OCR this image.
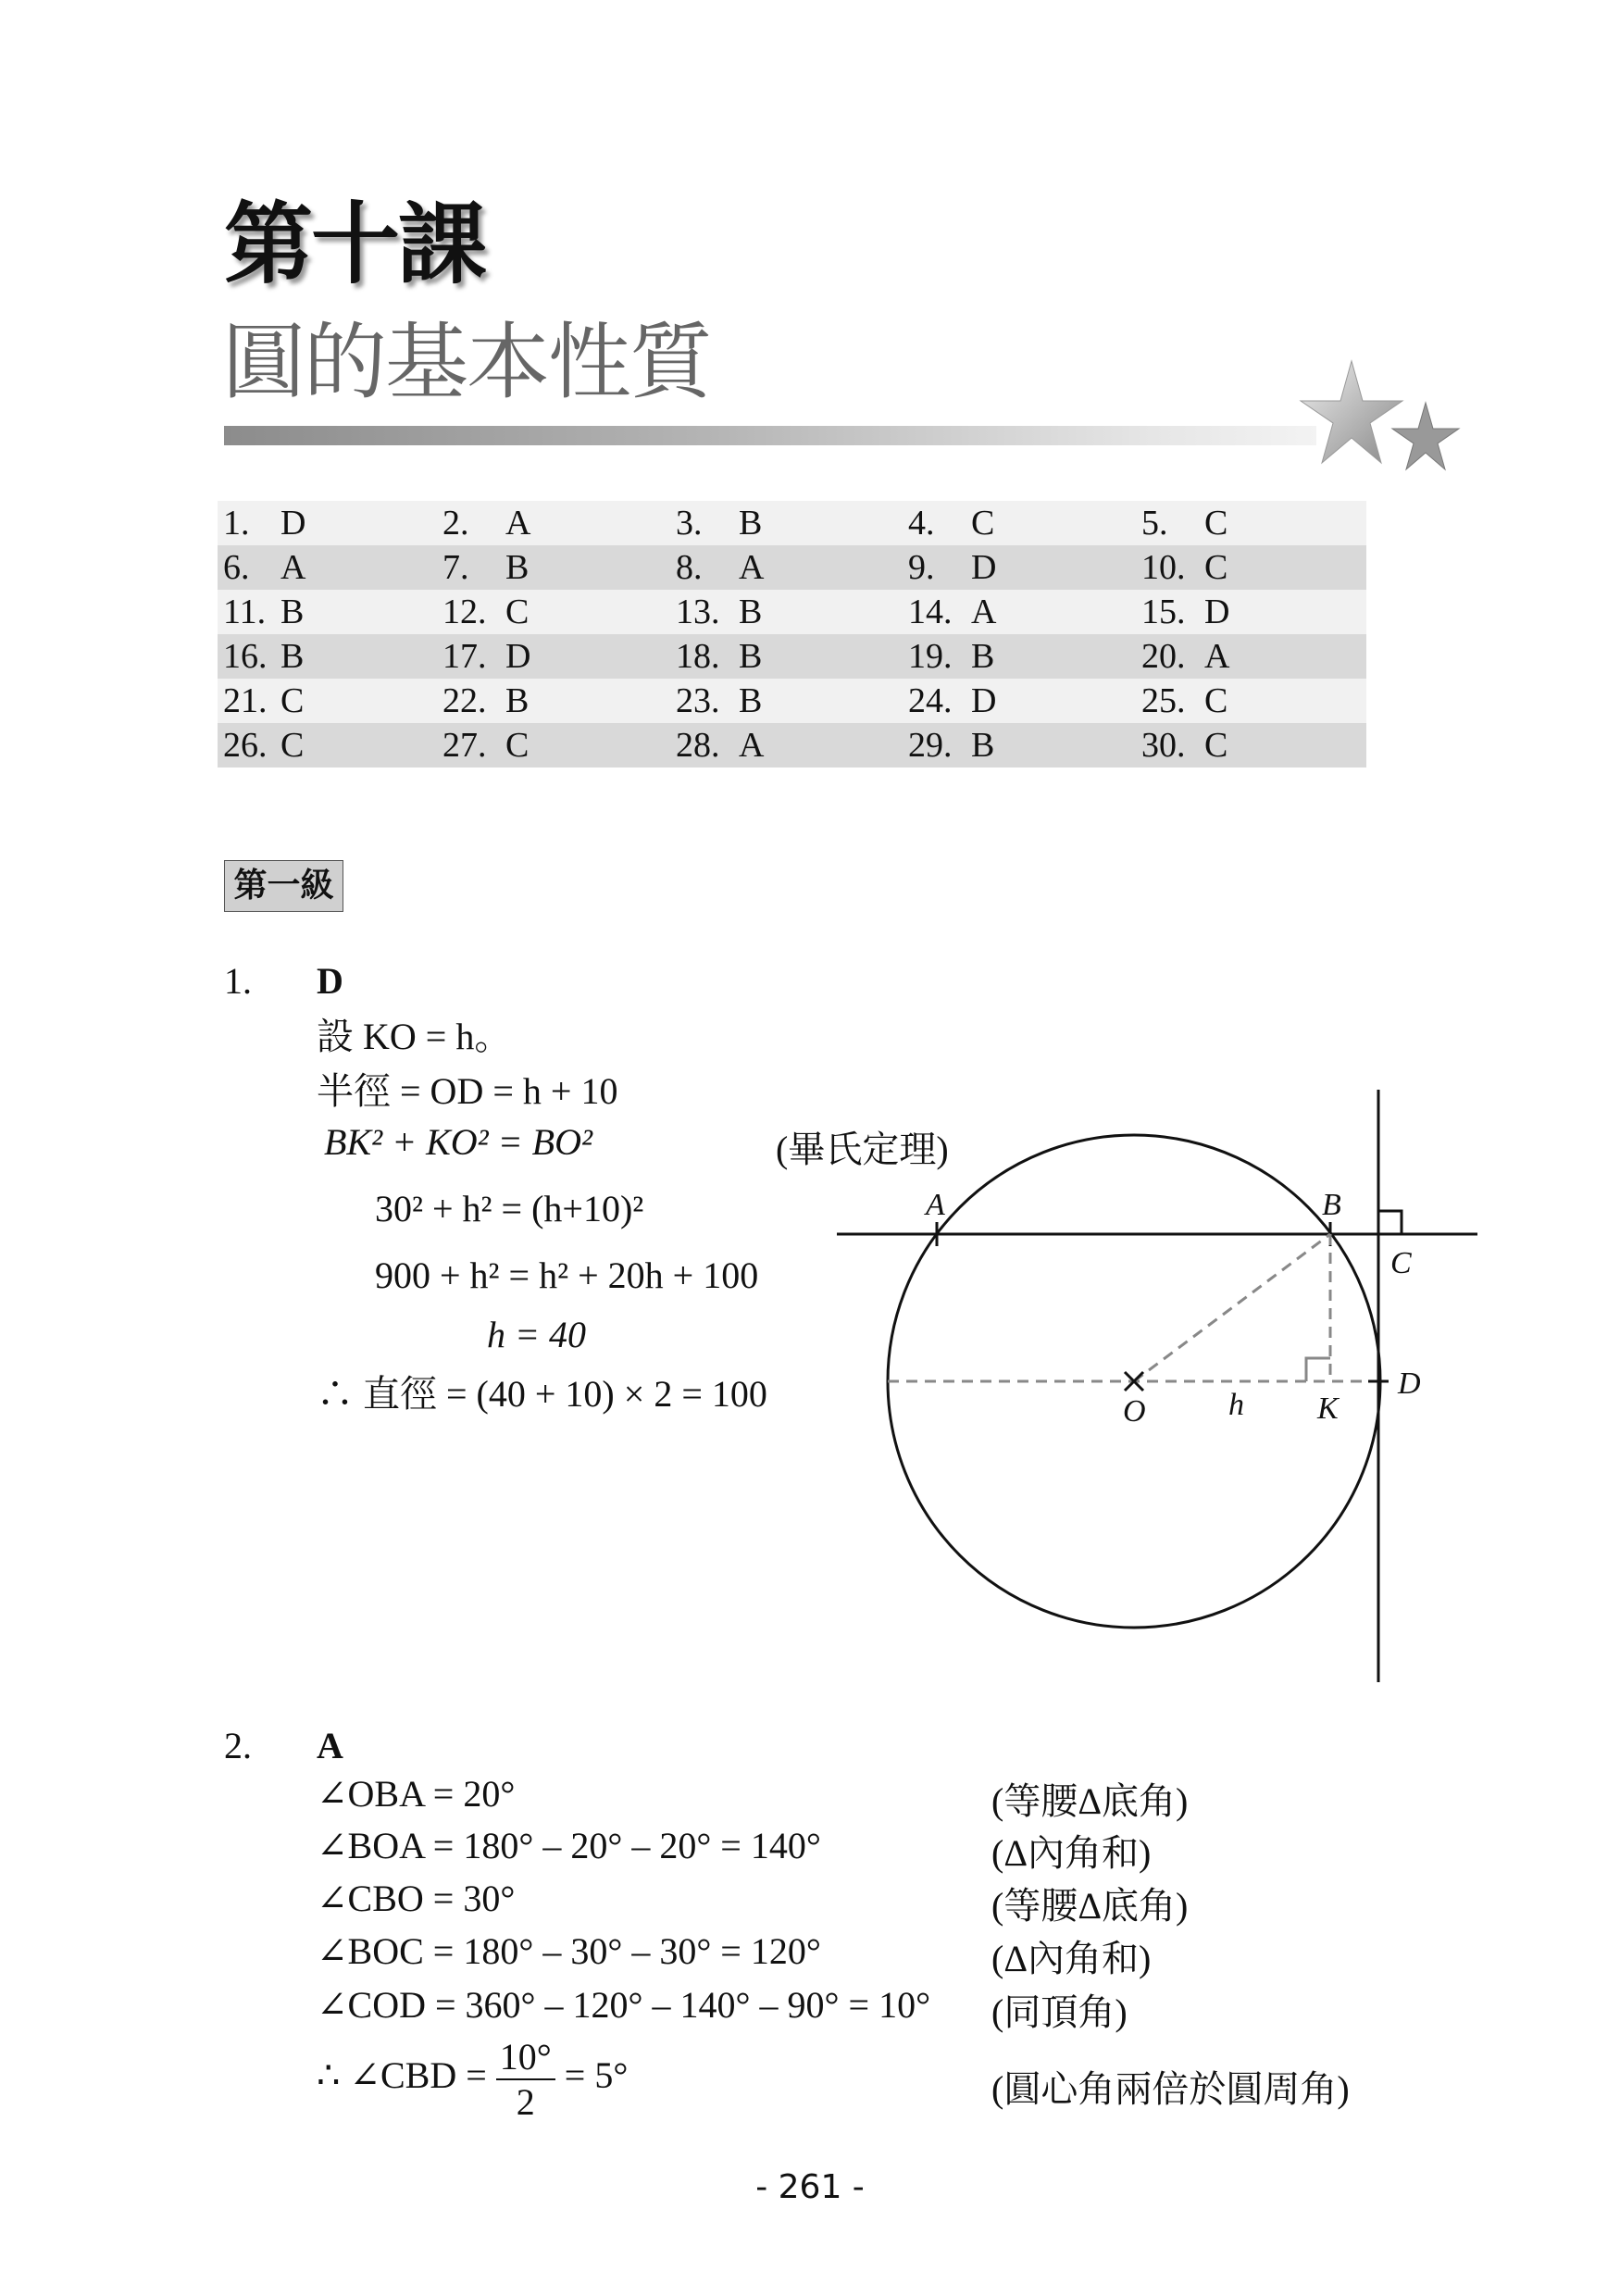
第十課
圓的基本性質
1. D	2. A	3. B	4. C	5. C
6. A	7. B	8. A	9. D	10. C
11. B	12. C	13. B	14. A	15. D
16. B	17. D	18. B	19. B	20. A
21. C	22. B	23. B	24. D	25. C
26. C	27. C	28. A	29. B	30. C
第一級
1. D
設 KO = h。
半徑 = OD = h + 10
BK² + KO² = BO²	(畢氏定理)
30² + h² = (h+10)²
900 + h² = h² + 20h + 100
h = 40
∴ 直徑 = (40 + 10) × 2 = 100
A	B
C
D
O	h K
2. A
∠OBA = 20°	(等腰Δ底角)
∠BOA = 180° – 20° – 20° = 140°	(Δ內角和)
∠CBO = 30°	(等腰Δ底角)
∠BOC = 180° – 30° – 30° = 120°	(Δ內角和)
∠COD = 360° – 120° – 140° – 90° = 10° (同頂角)
∴ ∠CBD = $\frac{10^\circ}{2} = 5^\circ$	(圓心角兩倍於圓周角)
- 261 -
